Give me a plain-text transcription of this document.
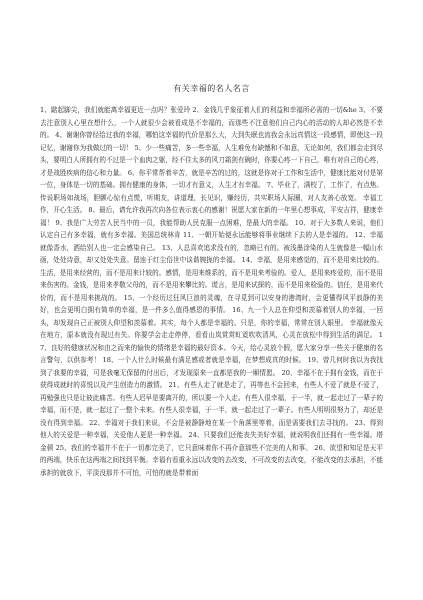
有关幸福的名人名言

1、踮起脚尖，我们就能离幸福更近一点吗？张爱玲 2、金钱几乎象征着人们的利益和幸福所必需的一切&he 3、不要去注意别人心里在想什么，一个人就很少会被看成是不幸福的，而那些不注意他们自己内心的活动的人却必然是不幸的。 4、谢谢你曾经给过我的幸福，哪怕这幸福的代价是那么大，大到失眠也流我会永远真情这一段感情，即使这一段记忆，谢谢你为我做过的一切！ 5、少一些痛苦，多一些幸福，人生难免有缺憾和不如意，无论如何，我们都会走到尽头，要明白人所拥有的不过是一个血肉之躯，经不住太多的风刀霜剑有碗时，你要心疼一下自己，唯有对自己的心疼，才是战胜疾病的信心和力量。 6、你平常帮着辛苦，就是辛苦的过的，这就是你对于工作和生活中，健康比能对付是第一位，身体是一切的基础。拥有健康的身体，一切才有意义，人生才有幸福。 7、毕业了，满校了，工作了，有点焦。传说职场如战场，胆颤心惊有点慌，听期友，讲道理，长见识，赚经历，共实职场人际圈，对人友善心放宽。 幸福工作，开心生活。 8、最后，请允许我再次向各位表示衷心的感谢！祝愿大家在新的一年里心想事成，平安吉祥，健康幸福！ 9、我是广大劳苦人民当中的一员，我能帮助人民克服一点困难，是最大的幸福。 10、对于大多数人来说，他们认定自己有多幸福，就有多幸福。美国总统林肯 11、一朝开始便永远能够将事业继续下去的人是幸福的。 12、幸福就像香水，洒给别人也一定会感染自己。 13、人总喜欢追求没有的，忽略已有的。被浅墨涂染的人生就像是一幅山水画，处处诗意，却又处处失意。留连于红尘俗世中谈谐婉拢的幸福。 14、幸福，是用来感觉的，而不是用来比较的。生活，是用来经营的，而不是用来计较的。感情，是用来维系的，而不是用来考验的。爱人，是用来疼爱的，而不是用来伤害的。金钱，是用来孝敬父母的，而不是用来攀比的。谎言，是用来试探的，而不是用来检验的。信任，是用来代价的，而不是用来挑战的。 15、一个经历过狂风巨浪的灵魂，在寻觅到可以安身的港湾时，会更懂得风平浪静的美好，也会更明白拥有简单的幸福，是一件多么值得感恩的事情。 16、九一个人总在仰望和羡慕着别人的幸福，一回头，却发现自己正被别人仰望和羡慕着。其实，每个人都是幸福的。只是，你的幸福，常常在别人眼里。 幸福就像天在地方，原本就没有现过有失。你要学会走走停停，看看山岚赏赏虹霓吹吹清风，心灵在放松中得到生活的满足。 17、良好的健康状况和由之而来的愉快的情绪是幸福的最好资本。今天，给心灵放个假，愿大家分享一些关于健康的名言警句，以供参考！ 18、一个人什么时候最有满足感或者就是幸福，在梦想成真的时候。 19、曾几何时我以为我找到了我要的幸福，可是我毫无保留的付出后，才发现原来一直都是我的一厢情愿。 20、幸福不在于拥有金钱，而在于获得成就时的喜悦以及产生创造力的激情。 21、有些人走了就是走了，再等也不会回来，有些人不爱了就是不爱了，再勉强也只是让彼此痛苦。有些人迟早是要离开的，所以要一个人走。有些人很幸福，于一半，就一起走过了一辈子的幸福，而不是，就一起过了一整个未来。有些人很幸福，于一半，就一起走过了一辈子。有些人明明很努力了，却还是没有得到幸福。 22、幸福对于我们来说，不会是被静静地在某一个角落里等着，而是需要我们去寻找的。 23、得到他人的关爱是一种幸福，关爱他人更是一种幸福。 24、只要我们还能丧失美好幸福，就说明我们还拥有一些幸福。塔金顿 25、我们的幸福并不在于一切都完美了，它只意味着你不再介意那些不完美的人和事。 26、欲望和知足是天平的两端，快乐在这两端之间找到平衡。幸福有看重永远以改变的去改变，不可改变的去改变，不能改变的去承担，不能承担的就放下，平淡没那并不可怕，可怕的就是带着面
